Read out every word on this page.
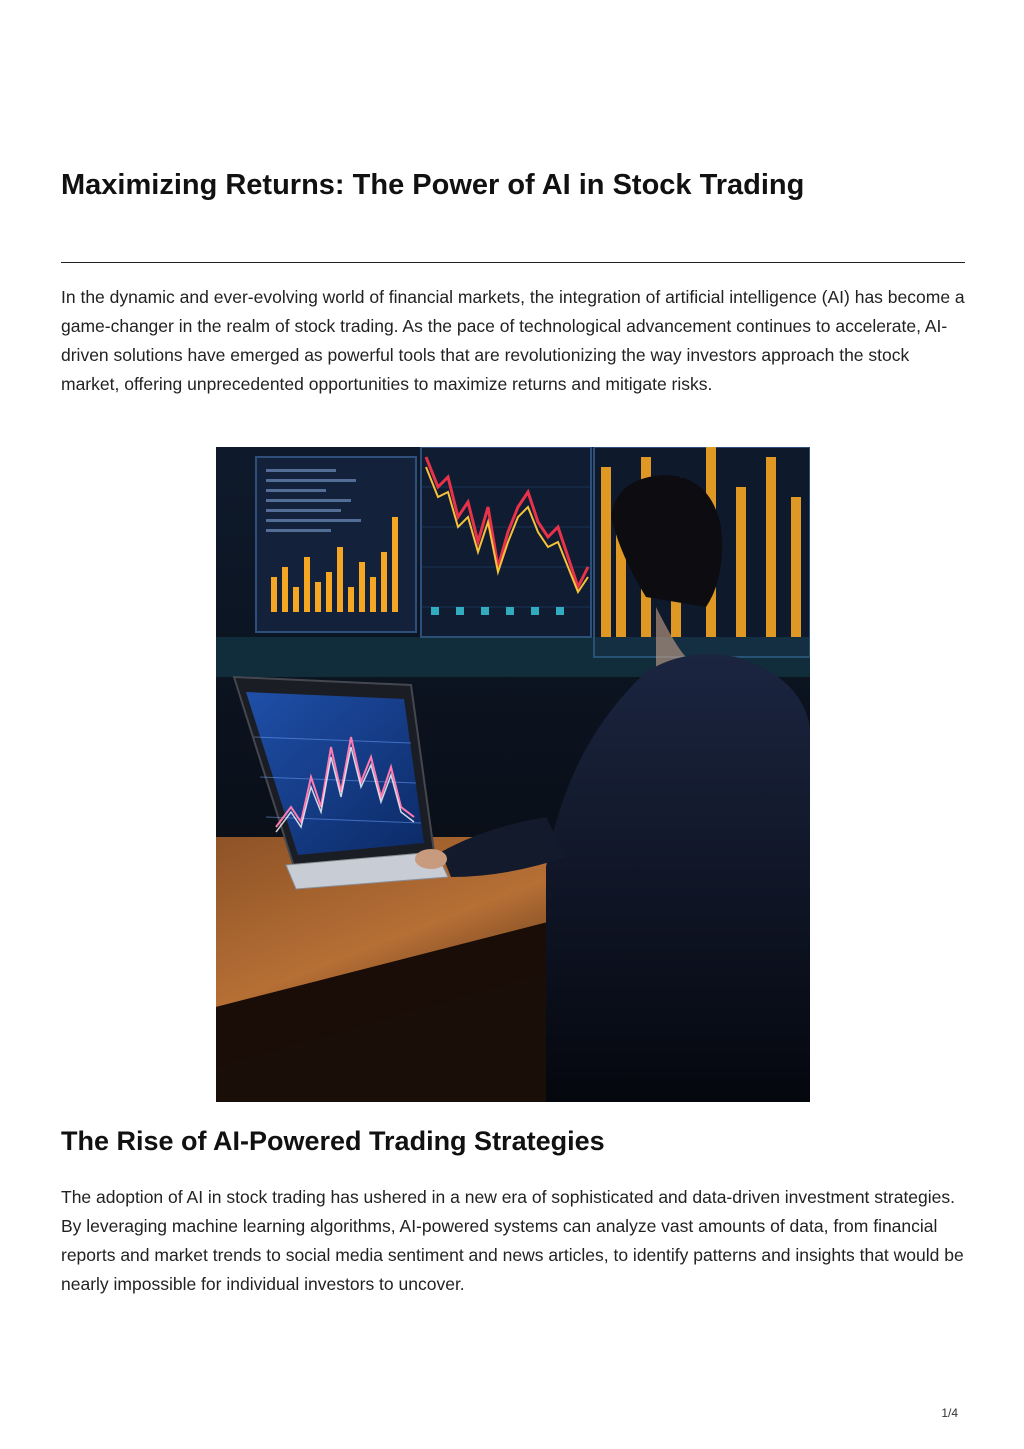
Maximizing Returns: The Power of AI in Stock Trading

In the dynamic and ever-evolving world of financial markets, the integration of artificial intelligence (AI) has become a game-changer in the realm of stock trading. As the pace of technological advancement continues to accelerate, AI-driven solutions have emerged as powerful tools that are revolutionizing the way investors approach the stock market, offering unprecedented opportunities to maximize returns and mitigate risks.

The Rise of AI-Powered Trading Strategies

The adoption of AI in stock trading has ushered in a new era of sophisticated and data-driven investment strategies. By leveraging machine learning algorithms, AI-powered systems can analyze vast amounts of data, from financial reports and market trends to social media sentiment and news articles, to identify patterns and insights that would be nearly impossible for individual investors to uncover.

1/4
